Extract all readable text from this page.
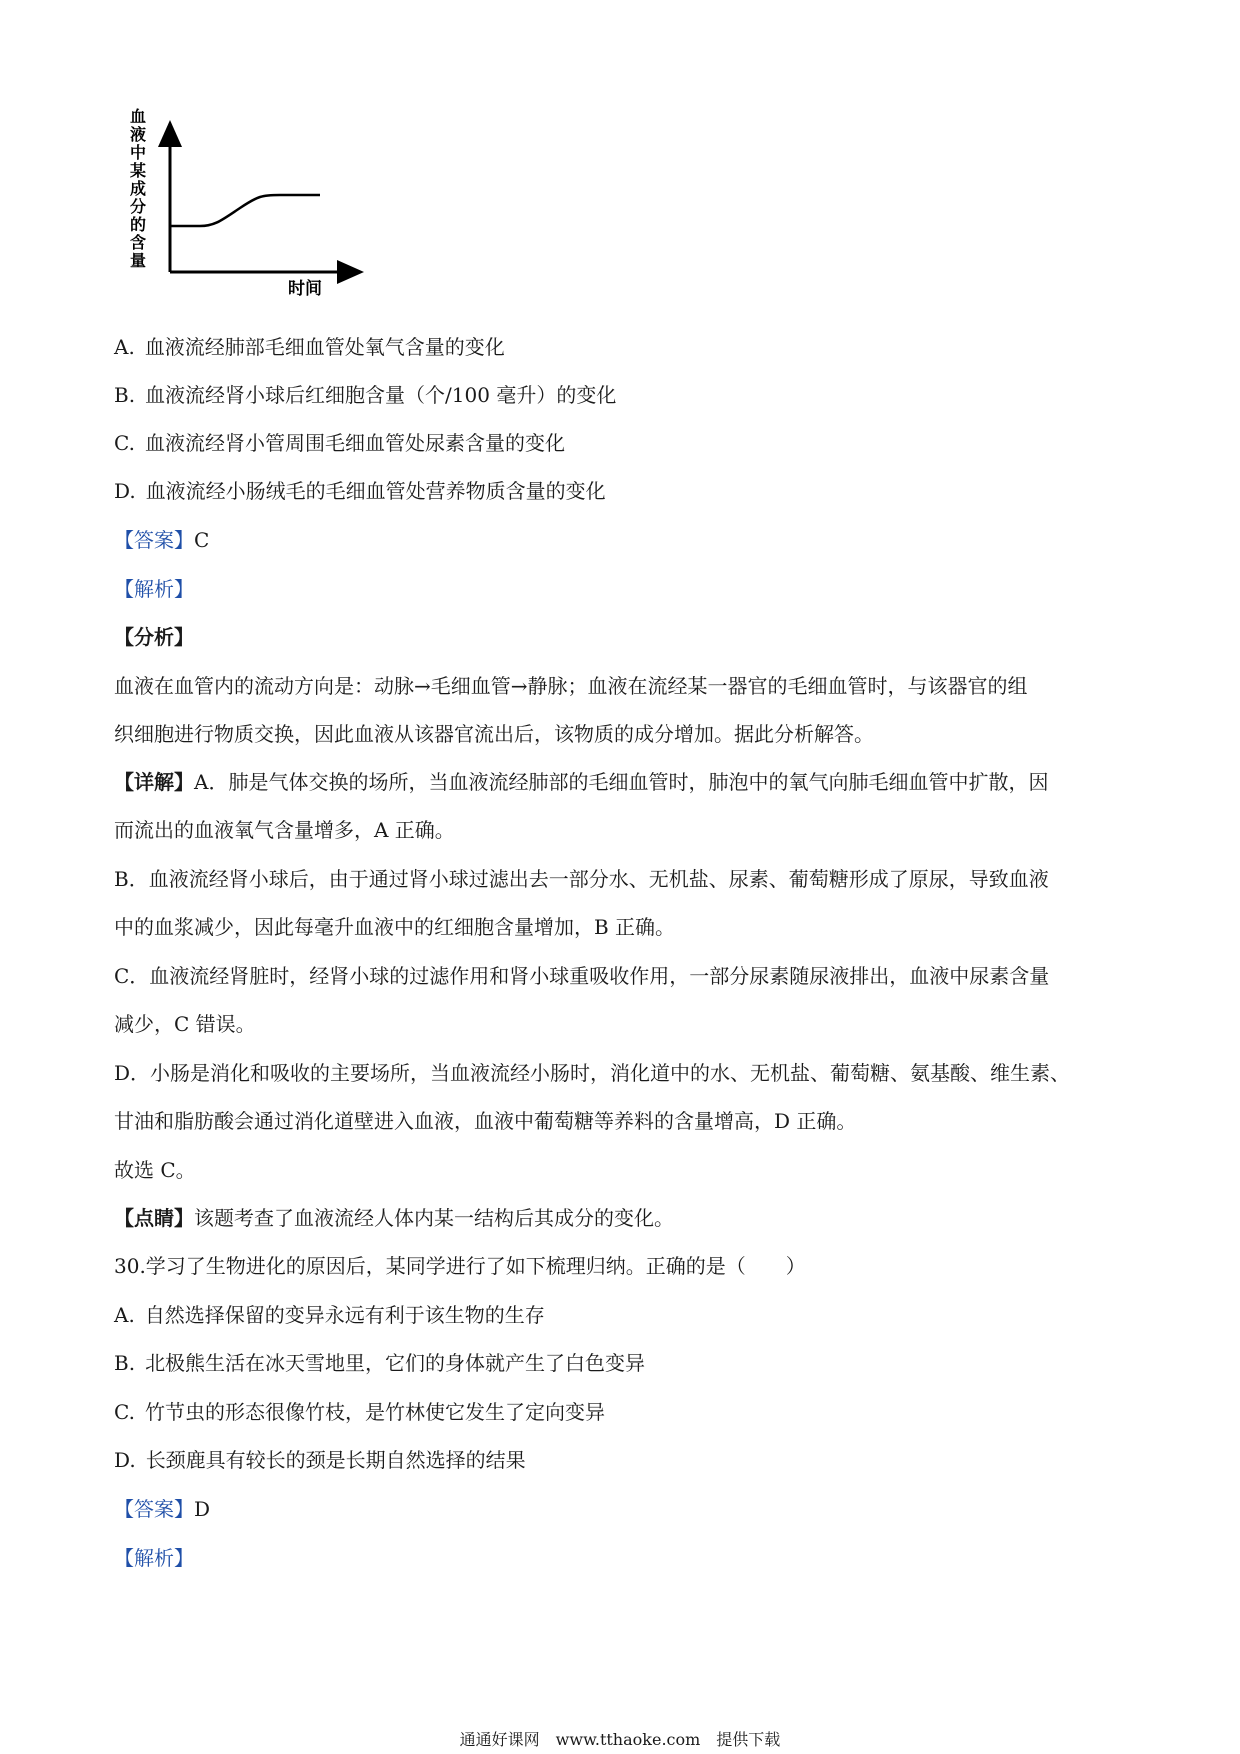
血
液
中
某
成
分
的
含
量
时间
A.  血液流经肺部毛细血管处氧气含量的变化
B.  血液流经肾小球后红细胞含量（个/100 毫升）的变化
C.  血液流经肾小管周围毛细血管处尿素含量的变化
D.  血液流经小肠绒毛的毛细血管处营养物质含量的变化
【答案】C
【解析】
【分析】
血液在血管内的流动方向是：动脉→毛细血管→静脉；血液在流经某一器官的毛细血管时，与该器官的组
织细胞进行物质交换，因此血液从该器官流出后，该物质的成分增加。据此分析解答。
【详解】A．肺是气体交换的场所，当血液流经肺部的毛细血管时，肺泡中的氧气向肺毛细血管中扩散，因
而流出的血液氧气含量增多，A 正确。
B．血液流经肾小球后，由于通过肾小球过滤出去一部分水、无机盐、尿素、葡萄糖形成了原尿，导致血液
中的血浆减少，因此每毫升血液中的红细胞含量增加，B 正确。
C．血液流经肾脏时，经肾小球的过滤作用和肾小球重吸收作用，一部分尿素随尿液排出，血液中尿素含量
减少，C 错误。
D．小肠是消化和吸收的主要场所，当血液流经小肠时，消化道中的水、无机盐、葡萄糖、氨基酸、维生素、
甘油和脂肪酸会通过消化道壁进入血液，血液中葡萄糖等养料的含量增高，D 正确。
故选 C。
【点睛】该题考查了血液流经人体内某一结构后其成分的变化。
30.学习了生物进化的原因后，某同学进行了如下梳理归纳。正确的是（　　）
A.  自然选择保留的变异永远有利于该生物的生存
B.  北极熊生活在冰天雪地里，它们的身体就产生了白色变异
C.  竹节虫的形态很像竹枝，是竹林使它发生了定向变异
D.  长颈鹿具有较长的颈是长期自然选择的结果
【答案】D
【解析】
通通好课网　www.tthaoke.com　提供下载
